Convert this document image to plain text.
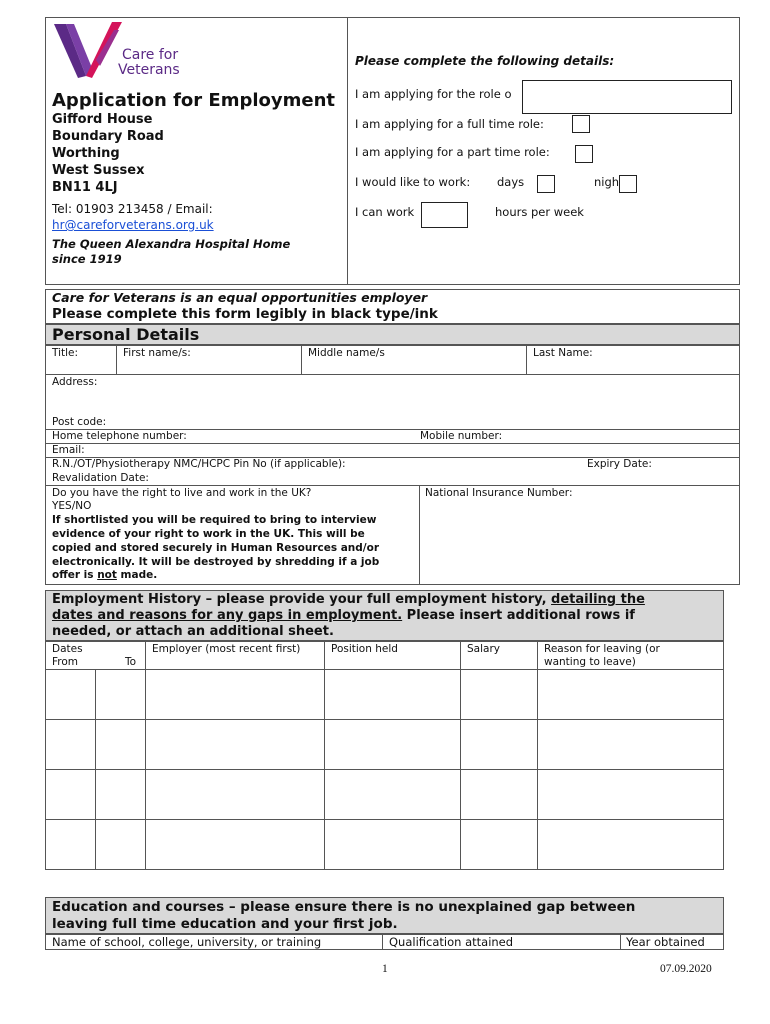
Care for
Veterans
Application for Employment
Gifford House
Boundary Road
Worthing
West Sussex
BN11 4LJ
Tel: 01903 213458 / Email:
hr@careforveterans.org.uk
The Queen Alexandra Hospital Home
since 1919
Please complete the following details:
I am applying for the role o
I am applying for a full time role:
I am applying for a part time role:
I would like to work: days	nigh
I can work	hours per week
Care for Veterans is an equal opportunities employer
Please complete this form legibly in black type/ink
Personal Details
Title:	First name/s:	Middle name/s	Last Name:
Address:
Post code:
Home telephone number:	Mobile number:
Email:
R.N./OT/Physiotherapy NMC/HCPC Pin No (if applicable):	Expiry Date:
Revalidation Date:
Do you have the right to live and work in the UK?
YES/NO
If shortlisted you will be required to bring to interview
evidence of your right to work in the UK. This will be
copied and stored securely in Human Resources and/or
electronically. It will be destroyed by shredding if a job
offer is not made.
National Insurance Number:
Employment History – please provide your full employment history, detailing the
dates and reasons for any gaps in employment. Please insert additional rows if
needed, or attach an additional sheet.
Dates
From	To
Employer (most recent first)	Position held	Salary	Reason for leaving (or
wanting to leave)
Education and courses – please ensure there is no unexplained gap between
leaving full time education and your first job.
Name of school, college, university, or training	Qualification attained	Year obtained
1	07.09.2020
